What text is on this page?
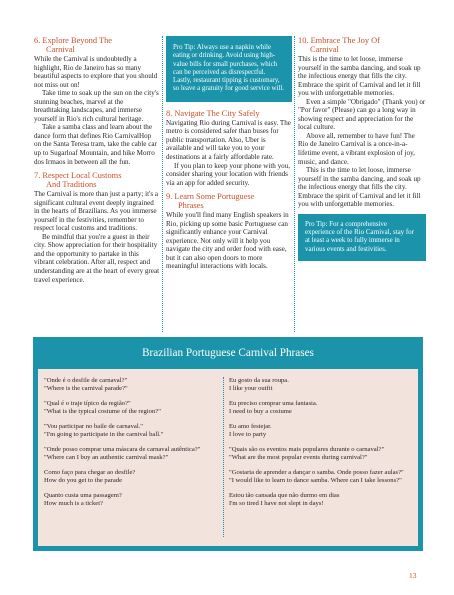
6. Explore Beyond The
Carnival

While the Carnival is undoubtedly a highlight, Rio de Janeiro has so many beautiful aspects to explore that you should not miss out on!

Take time to soak up the sun on the city's stunning beaches, marvel at the breathtaking landscapes, and immerse yourself in Rio's rich cultural heritage.

Take a samba class and learn about the dance form that defines Rio CarnivalHop on the Santa Teresa tram, take the cable car up to Sugarloaf Mountain, and hike Morro dos Irmaos in between all the fun.

7. Respect Local Customs
And Traditions

The Carnival is more than just a party; it's a significant cultural event deeply ingrained in the hearts of Brazilians. As you immerse yourself in the festivities, remember to respect local customs and traditions.

Be mindful that you're a guest in their city. Show appreciation for their hospitality and the opportunity to partake in this vibrant celebration. After all, respect and understanding are at the heart of every great travel experience.

Pro Tip: Always use a napkin while eating or drinking. Avoid using high-value bills for small purchases, which can be perceived as disrespectful. Lastly, restaurant tipping is customary, so leave a gratuity for good service will.
8. Navigate The City Safely

Navigating Rio during Carnival is easy. The metro is considered safer than buses for public transportation. Also, Uber is available and will take you to your destinations at a fairly affordable rate.

If you plan to keep your phone with you, consider sharing your location with friends via an app for added security.

9. Learn Some Portuguese
Phrases

While you'll find many English speakers in Rio, picking up some basic Portuguese can significantly enhance your Carnival experience. Not only will it help you navigate the city and order food with ease, but it can also open doors to more meaningful interactions with locals.

10. Embrace The Joy Of
Carnival

This is the time to let loose, immerse yourself in the samba dancing, and soak up the infectious energy that fills the city. Embrace the spirit of Carnival and let it fill you with unforgettable memories.

Even a simple "Obrigado" (Thank you) or "Por favor" (Please) can go a long way in showing respect and appreciation for the local culture.

Above all, remember to have fun! The Rio de Janeiro Carnival is a once-in-a-lifetime event, a vibrant explosion of joy, music, and dance.

This is the time to let loose, immerse yourself in the samba dancing, and soak up the infectious energy that fills the city. Embrace the spirit of Carnival and let it fill you with unforgettable memories.

Pro Tip: For a comprehensive experience of the Rio Carnival, stay for at least a week to fully immerse in various events and festivities.
Brazilian Portuguese Carnival Phrases
"Onde é o desfile de carnaval?"
"Where is the carnival parade?"
"Qual é o traje típico da região?"
"What is the typical costume of the region?"
"Vou participar no baile de carnaval."
"I'm going to participate in the carnival ball."
"Onde posso comprar uma máscara de carnaval autêntica?"
"Where can I buy an authentic carnival mask?"
Como faço para chegar ao desfile?
How do you get to the parade
Quanto custa uma passagem?
How much is a ticket?
Eu gosto da sua roupa.
I like your outfit
Eu preciso comprar uma fantasia.
I need to buy a costume
Eu amo festejar.
I love to party
"Quais são os eventos mais populares durante o carnaval?"
"What are the most popular events during carnival?"
"Gostaria de aprender a dançar o samba. Onde posso fazer aulas?"
"I would like to learn to dance samba. Where can I take lessons?"
Estou tão cansada que não durmo em dias
I'm so tired I have not slept in days!
13
